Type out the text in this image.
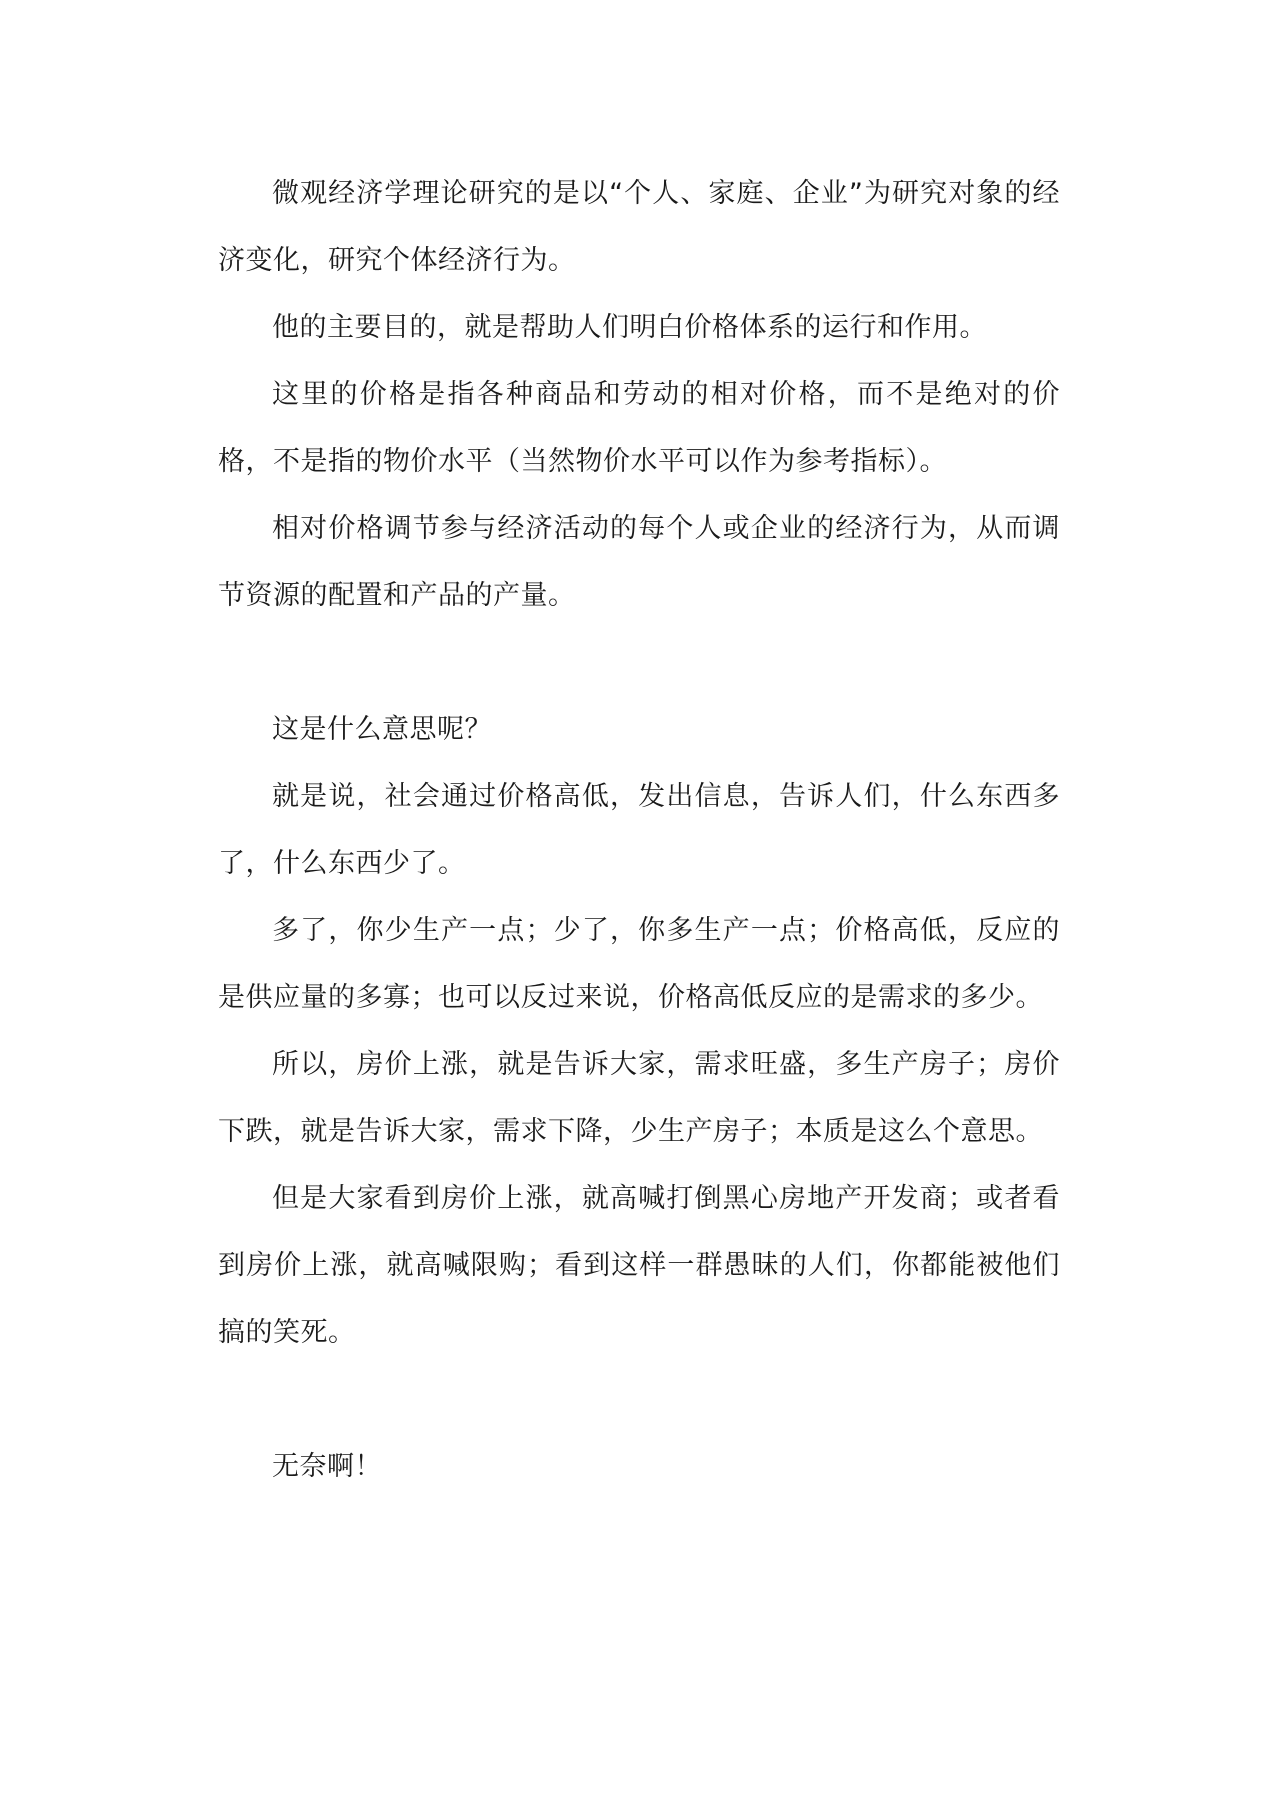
微观经济学理论研究的是以“个人、家庭、企业”为研究对象的经济变化，研究个体经济行为。

他的主要目的，就是帮助人们明白价格体系的运行和作用。

这里的价格是指各种商品和劳动的相对价格，而不是绝对的价格，不是指的物价水平（当然物价水平可以作为参考指标）。

相对价格调节参与经济活动的每个人或企业的经济行为，从而调节资源的配置和产品的产量。

这是什么意思呢？

就是说，社会通过价格高低，发出信息，告诉人们，什么东西多了，什么东西少了。

多了，你少生产一点；少了，你多生产一点；价格高低，反应的是供应量的多寡；也可以反过来说，价格高低反应的是需求的多少。

所以，房价上涨，就是告诉大家，需求旺盛，多生产房子；房价下跌，就是告诉大家，需求下降，少生产房子；本质是这么个意思。

但是大家看到房价上涨，就高喊打倒黑心房地产开发商；或者看到房价上涨，就高喊限购；看到这样一群愚昧的人们，你都能被他们搞的笑死。

无奈啊！
